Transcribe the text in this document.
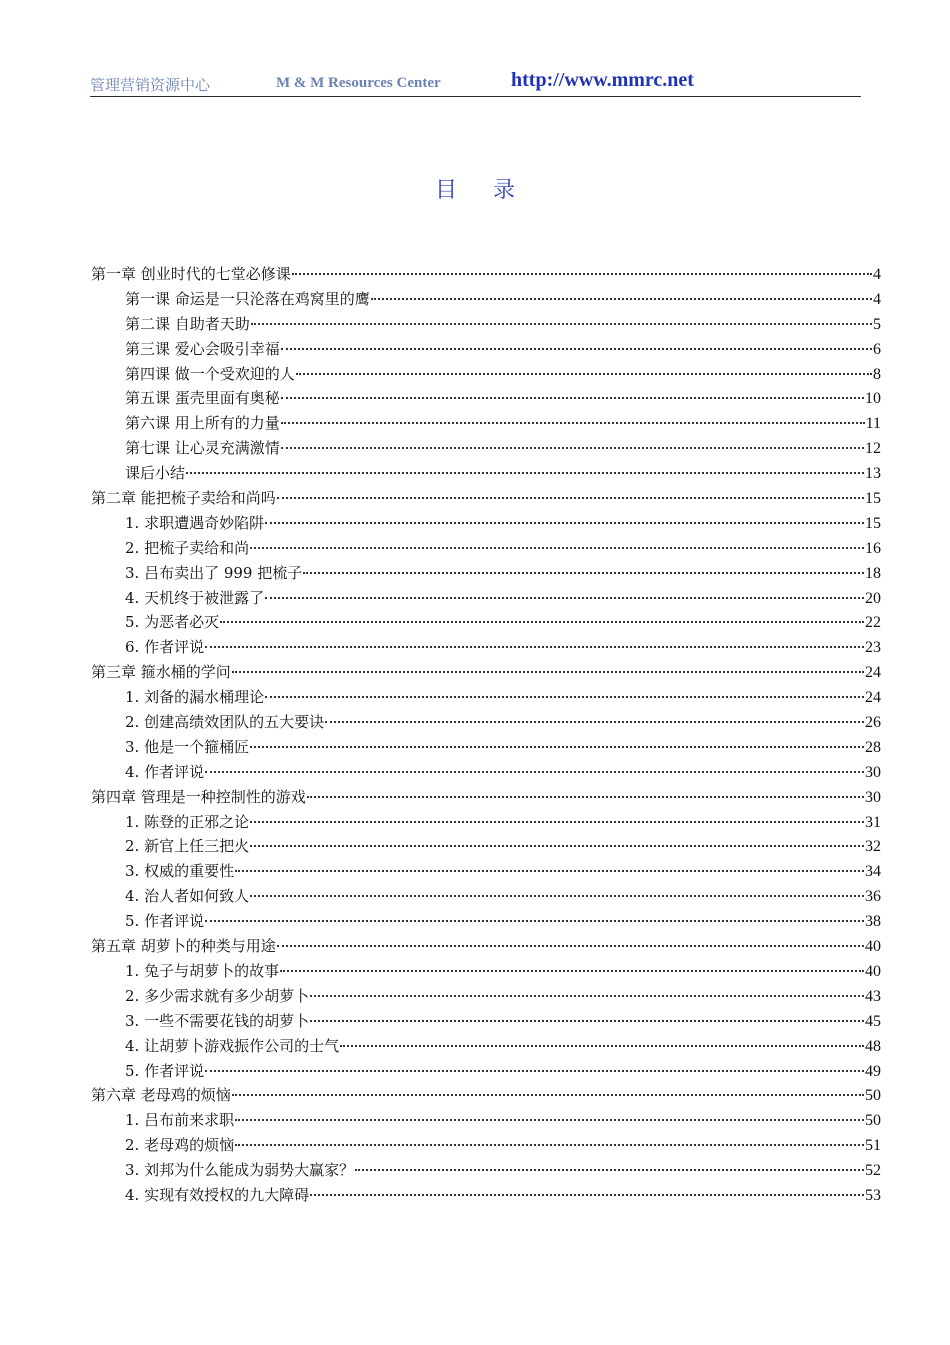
管理营销资源中心	M & M Resources Center	http://www.mmrc.net
目录
第一章 创业时代的七堂必修课	4
第一课 命运是一只沦落在鸡窝里的鹰	4
第二课 自助者天助	5
第三课 爱心会吸引幸福	6
第四课 做一个受欢迎的人	8
第五课 蛋壳里面有奥秘	10
第六课 用上所有的力量	11
第七课 让心灵充满激情	12
课后小结	13
第二章 能把梳子卖给和尚吗	15
1. 求职遭遇奇妙陷阱	15
2. 把梳子卖给和尚	16
3. 吕布卖出了 999 把梳子	18
4. 天机终于被泄露了	20
5. 为恶者必灭	22
6. 作者评说	23
第三章 箍水桶的学问	24
1. 刘备的漏水桶理论	24
2. 创建高绩效团队的五大要诀	26
3. 他是一个箍桶匠	28
4. 作者评说	30
第四章 管理是一种控制性的游戏	30
1. 陈登的正邪之论	31
2. 新官上任三把火	32
3. 权威的重要性	34
4. 治人者如何致人	36
5. 作者评说	38
第五章 胡萝卜的种类与用途	40
1. 兔子与胡萝卜的故事	40
2. 多少需求就有多少胡萝卜	43
3. 一些不需要花钱的胡萝卜	45
4. 让胡萝卜游戏振作公司的士气	48
5. 作者评说	49
第六章 老母鸡的烦恼	50
1. 吕布前来求职	50
2. 老母鸡的烦恼	51
3. 刘邦为什么能成为弱势大赢家？	52
4. 实现有效授权的九大障碍	53
